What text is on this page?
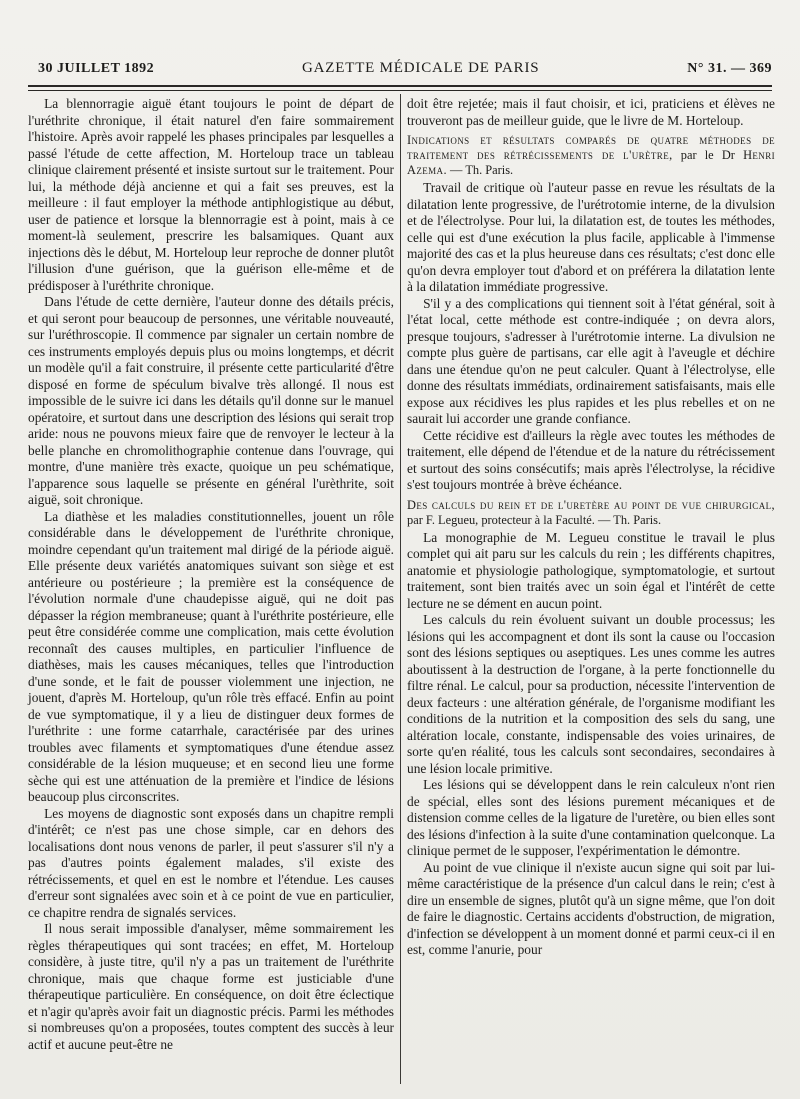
30 JUILLET 1892	GAZETTE MÉDICALE DE PARIS	N° 31. — 369

La blennorragie aiguë étant toujours le point de départ de l'uréthrite chronique, il était naturel d'en faire sommairement l'histoire. Après avoir rappelé les phases principales par lesquelles a passé l'étude de cette affection, M. Horteloup trace un tableau clinique clairement présenté et insiste surtout sur le traitement. Pour lui, la méthode déjà ancienne et qui a fait ses preuves, est la meilleure : il faut employer la méthode antiphlogistique au début, user de patience et lorsque la blennorragie est à point, mais à ce moment-là seulement, prescrire les balsamiques. Quant aux injections dès le début, M. Horteloup leur reproche de donner plutôt l'illusion d'une guérison, que la guérison elle-même et de prédisposer à l'uréthrite chronique.

Dans l'étude de cette dernière, l'auteur donne des détails précis, et qui seront pour beaucoup de personnes, une véritable nouveauté, sur l'uréthroscopie. Il commence par signaler un certain nombre de ces instruments employés depuis plus ou moins longtemps, et décrit un modèle qu'il a fait construire, il présente cette particularité d'être disposé en forme de spéculum bivalve très allongé. Il nous est impossible de le suivre ici dans les détails qu'il donne sur le manuel opératoire, et surtout dans une description des lésions qui serait trop aride: nous ne pouvons mieux faire que de renvoyer le lecteur à la belle planche en chromolithographie contenue dans l'ouvrage, qui montre, d'une manière très exacte, quoique un peu schématique, l'apparence sous laquelle se présente en général l'urèthrite, soit aiguë, soit chronique.

La diathèse et les maladies constitutionnelles, jouent un rôle considérable dans le développement de l'uréthrite chronique, moindre cependant qu'un traitement mal dirigé de la période aiguë. Elle présente deux variétés anatomiques suivant son siège et est antérieure ou postérieure ; la première est la conséquence de l'évolution normale d'une chaudepisse aiguë, qui ne doit pas dépasser la région membraneuse; quant à l'uréthrite postérieure, elle peut être considérée comme une complication, mais cette évolution reconnaît des causes multiples, en particulier l'influence de diathèses, mais les causes mécaniques, telles que l'introduction d'une sonde, et le fait de pousser violemment une injection, ne jouent, d'après M. Horteloup, qu'un rôle très effacé. Enfin au point de vue symptomatique, il y a lieu de distinguer deux formes de l'uréthrite : une forme catarrhale, caractérisée par des urines troubles avec filaments et symptomatiques d'une étendue assez considérable de la lésion muqueuse; et en second lieu une forme sèche qui est une atténuation de la première et l'indice de lésions beaucoup plus circonscrites.

Les moyens de diagnostic sont exposés dans un chapitre rempli d'intérêt; ce n'est pas une chose simple, car en dehors des localisations dont nous venons de parler, il peut s'assurer s'il n'y a pas d'autres points également malades, s'il existe des rétrécissements, et quel en est le nombre et l'étendue. Les causes d'erreur sont signalées avec soin et à ce point de vue en particulier, ce chapitre rendra de signalés services.

Il nous serait impossible d'analyser, même sommairement les règles thérapeutiques qui sont tracées; en effet, M. Horteloup considère, à juste titre, qu'il n'y a pas un traitement de l'uréthrite chronique, mais que chaque forme est justiciable d'une thérapeutique particulière. En conséquence, on doit être éclectique et n'agir qu'après avoir fait un diagnostic précis. Parmi les méthodes si nombreuses qu'on a proposées, toutes comptent des succès à leur actif et aucune peut-être ne

doit être rejetée; mais il faut choisir, et ici, praticiens et élèves ne trouveront pas de meilleur guide, que le livre de M. Horteloup.

Indications et résultats comparés de quatre méthodes de traitement des rétrécissements de l'urètre, par le Dr Henri Azema. — Th. Paris.

Travail de critique où l'auteur passe en revue les résultats de la dilatation lente progressive, de l'urétrotomie interne, de la divulsion et de l'électrolyse. Pour lui, la dilatation est, de toutes les méthodes, celle qui est d'une exécution la plus facile, applicable à l'immense majorité des cas et la plus heureuse dans ces résultats; c'est donc elle qu'on devra employer tout d'abord et on préférera la dilatation lente à la dilatation immédiate progressive.

S'il y a des complications qui tiennent soit à l'état général, soit à l'état local, cette méthode est contre-indiquée ; on devra alors, presque toujours, s'adresser à l'urétrotomie interne. La divulsion ne compte plus guère de partisans, car elle agit à l'aveugle et déchire dans une étendue qu'on ne peut calculer. Quant à l'électrolyse, elle donne des résultats immédiats, ordinairement satisfaisants, mais elle expose aux récidives les plus rapides et les plus rebelles et on ne saurait lui accorder une grande confiance.

Cette récidive est d'ailleurs la règle avec toutes les méthodes de traitement, elle dépend de l'étendue et de la nature du rétrécissement et surtout des soins consécutifs; mais après l'électrolyse, la récidive s'est toujours montrée à brève échéance.

Des calculs du rein et de l'uretère au point de vue chirurgical, par F. Legueu, protecteur à la Faculté. — Th. Paris.

La monographie de M. Legueu constitue le travail le plus complet qui ait paru sur les calculs du rein ; les différents chapitres, anatomie et physiologie pathologique, symptomatologie, et surtout traitement, sont bien traités avec un soin égal et l'intérêt de cette lecture ne se dément en aucun point.

Les calculs du rein évoluent suivant un double processus; les lésions qui les accompagnent et dont ils sont la cause ou l'occasion sont des lésions septiques ou aseptiques. Les unes comme les autres aboutissent à la destruction de l'organe, à la perte fonctionnelle du filtre rénal. Le calcul, pour sa production, nécessite l'intervention de deux facteurs : une altération générale, de l'organisme modifiant les conditions de la nutrition et la composition des sels du sang, une altération locale, constante, indispensable des voies urinaires, de sorte qu'en réalité, tous les calculs sont secondaires, secondaires à une lésion locale primitive.

Les lésions qui se développent dans le rein calculeux n'ont rien de spécial, elles sont des lésions purement mécaniques et de distension comme celles de la ligature de l'uretère, ou bien elles sont des lésions d'infection à la suite d'une contamination quelconque. La clinique permet de le supposer, l'expérimentation le démontre.

Au point de vue clinique il n'existe aucun signe qui soit par lui-même caractéristique de la présence d'un calcul dans le rein; c'est à dire un ensemble de signes, plutôt qu'à un signe même, que l'on doit de faire le diagnostic. Certains accidents d'obstruction, de migration, d'infection se développent à un moment donné et parmi ceux-ci il en est, comme l'anurie, pour
